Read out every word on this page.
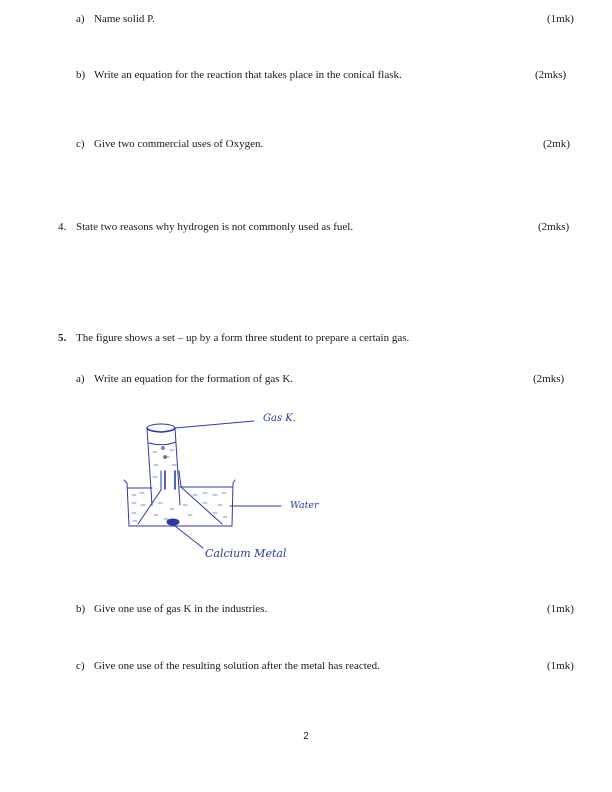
a) Name solid P.	(1mk)
b) Write an equation for the reaction that takes place in the conical flask.	(2mks)
c) Give two commercial uses of Oxygen.	(2mk)
4. State two reasons why hydrogen is not commonly used as fuel.	(2mks)
5. The figure shows a set – up by a form three student to prepare a certain gas.
a) Write an equation for the formation of gas K.	(2mks)
Gas K.
Water
Calcium Metal
b) Give one use of gas K in the industries.	(1mk)
c) Give one use of the resulting solution after the metal has reacted.	(1mk)
2
